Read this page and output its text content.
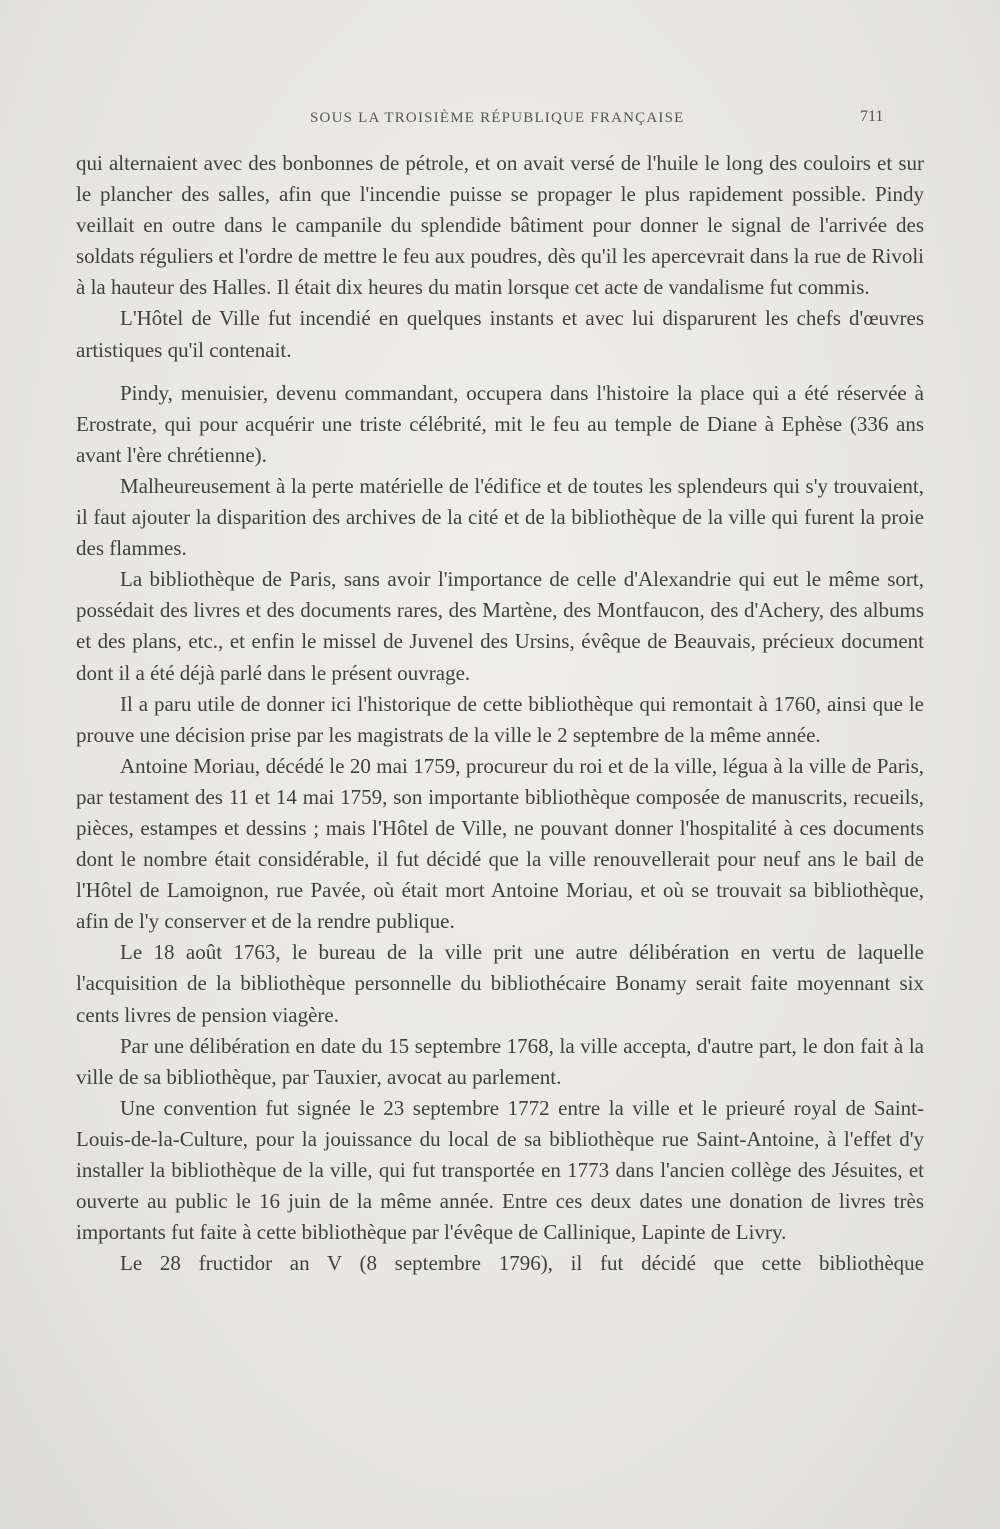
SOUS LA TROISIÈME RÉPUBLIQUE FRANÇAISE	711

qui alternaient avec des bonbonnes de pétrole, et on avait versé de l'huile le long des couloirs et sur le plancher des salles, afin que l'incendie puisse se propager le plus rapidement possible. Pindy veillait en outre dans le campanile du splendide bâtiment pour donner le signal de l'arrivée des soldats réguliers et l'ordre de mettre le feu aux poudres, dès qu'il les apercevrait dans la rue de Rivoli à la hauteur des Halles. Il était dix heures du matin lorsque cet acte de vandalisme fut commis.

L'Hôtel de Ville fut incendié en quelques instants et avec lui disparurent les chefs d'œuvres artistiques qu'il contenait.

Pindy, menuisier, devenu commandant, occupera dans l'histoire la place qui a été réservée à Erostrate, qui pour acquérir une triste célébrité, mit le feu au temple de Diane à Ephèse (336 ans avant l'ère chrétienne).

Malheureusement à la perte matérielle de l'édifice et de toutes les splendeurs qui s'y trouvaient, il faut ajouter la disparition des archives de la cité et de la bibliothèque de la ville qui furent la proie des flammes.

La bibliothèque de Paris, sans avoir l'importance de celle d'Alexandrie qui eut le même sort, possédait des livres et des documents rares, des Martène, des Montfaucon, des d'Achery, des albums et des plans, etc., et enfin le missel de Juvenel des Ursins, évêque de Beauvais, précieux document dont il a été déjà parlé dans le présent ouvrage.

Il a paru utile de donner ici l'historique de cette bibliothèque qui remontait à 1760, ainsi que le prouve une décision prise par les magistrats de la ville le 2 septembre de la même année.

Antoine Moriau, décédé le 20 mai 1759, procureur du roi et de la ville, légua à la ville de Paris, par testament des 11 et 14 mai 1759, son importante bibliothèque composée de manuscrits, recueils, pièces, estampes et dessins ; mais l'Hôtel de Ville, ne pouvant donner l'hospitalité à ces documents dont le nombre était considérable, il fut décidé que la ville renouvellerait pour neuf ans le bail de l'Hôtel de Lamoignon, rue Pavée, où était mort Antoine Moriau, et où se trouvait sa bibliothèque, afin de l'y conserver et de la rendre publique.

Le 18 août 1763, le bureau de la ville prit une autre délibération en vertu de laquelle l'acquisition de la bibliothèque personnelle du bibliothécaire Bonamy serait faite moyennant six cents livres de pension viagère.

Par une délibération en date du 15 septembre 1768, la ville accepta, d'autre part, le don fait à la ville de sa bibliothèque, par Tauxier, avocat au parlement.

Une convention fut signée le 23 septembre 1772 entre la ville et le prieuré royal de Saint-Louis-de-la-Culture, pour la jouissance du local de sa bibliothèque rue Saint-Antoine, à l'effet d'y installer la bibliothèque de la ville, qui fut transportée en 1773 dans l'ancien collège des Jésuites, et ouverte au public le 16 juin de la même année. Entre ces deux dates une donation de livres très importants fut faite à cette bibliothèque par l'évêque de Callinique, Lapinte de Livry.

Le 28 fructidor an V (8 septembre 1796), il fut décidé que cette bibliothèque
